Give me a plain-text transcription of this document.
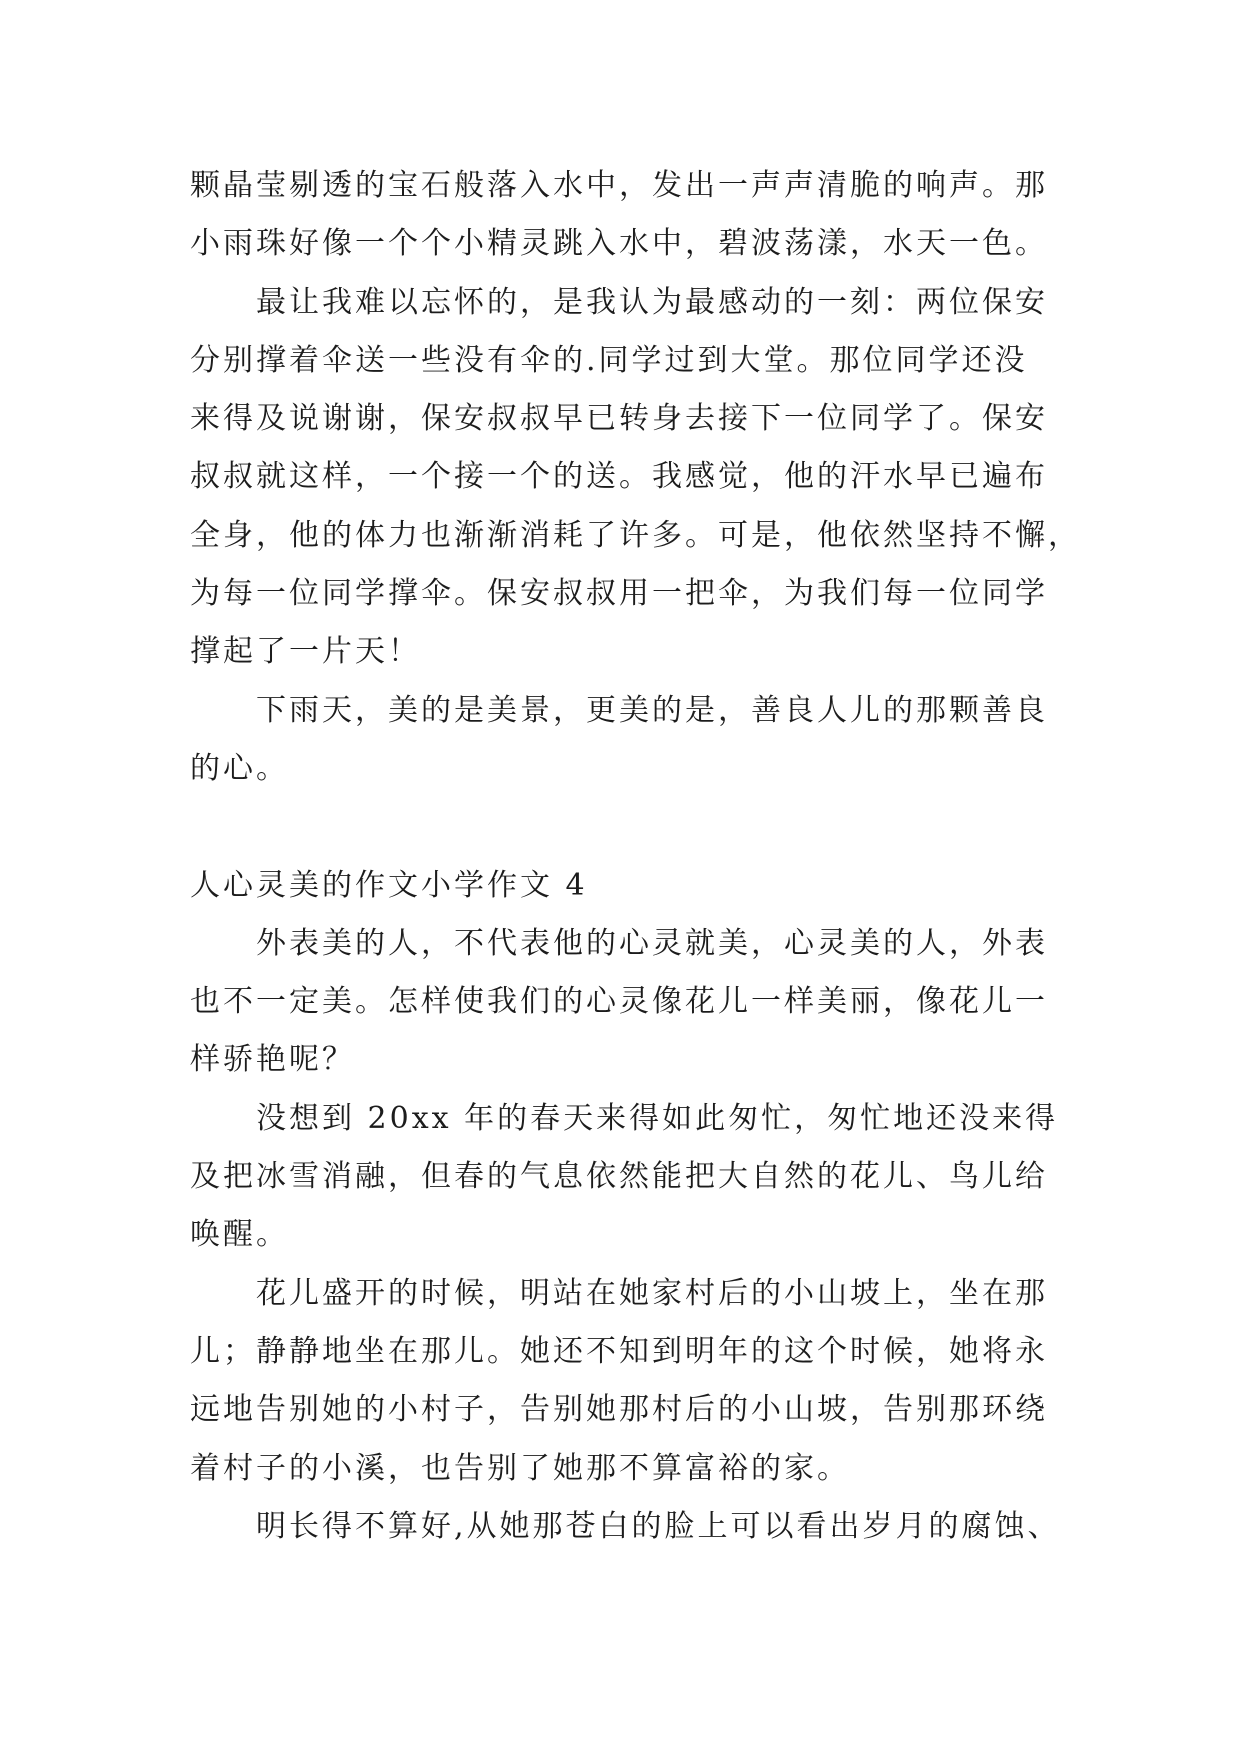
颗晶莹剔透的宝石般落入水中，发出一声声清脆的响声。那
小雨珠好像一个个小精灵跳入水中，碧波荡漾，水天一色。
最让我难以忘怀的，是我认为最感动的一刻：两位保安
分别撑着伞送一些没有伞的.同学过到大堂。那位同学还没
来得及说谢谢，保安叔叔早已转身去接下一位同学了。保安
叔叔就这样，一个接一个的送。我感觉，他的汗水早已遍布
全身，他的体力也渐渐消耗了许多。可是，他依然坚持不懈，
为每一位同学撑伞。保安叔叔用一把伞，为我们每一位同学
撑起了一片天！
下雨天，美的是美景，更美的是，善良人儿的那颗善良
的心。
人心灵美的作文小学作文 4
外表美的人，不代表他的心灵就美，心灵美的人，外表
也不一定美。怎样使我们的心灵像花儿一样美丽，像花儿一
样骄艳呢？
没想到 20xx 年的春天来得如此匆忙，匆忙地还没来得
及把冰雪消融，但春的气息依然能把大自然的花儿、鸟儿给
唤醒。
花儿盛开的时候，明站在她家村后的小山坡上，坐在那
儿；静静地坐在那儿。她还不知到明年的这个时候，她将永
远地告别她的小村子，告别她那村后的小山坡，告别那环绕
着村子的小溪，也告别了她那不算富裕的家。
明长得不算好,从她那苍白的脸上可以看出岁月的腐蚀、
